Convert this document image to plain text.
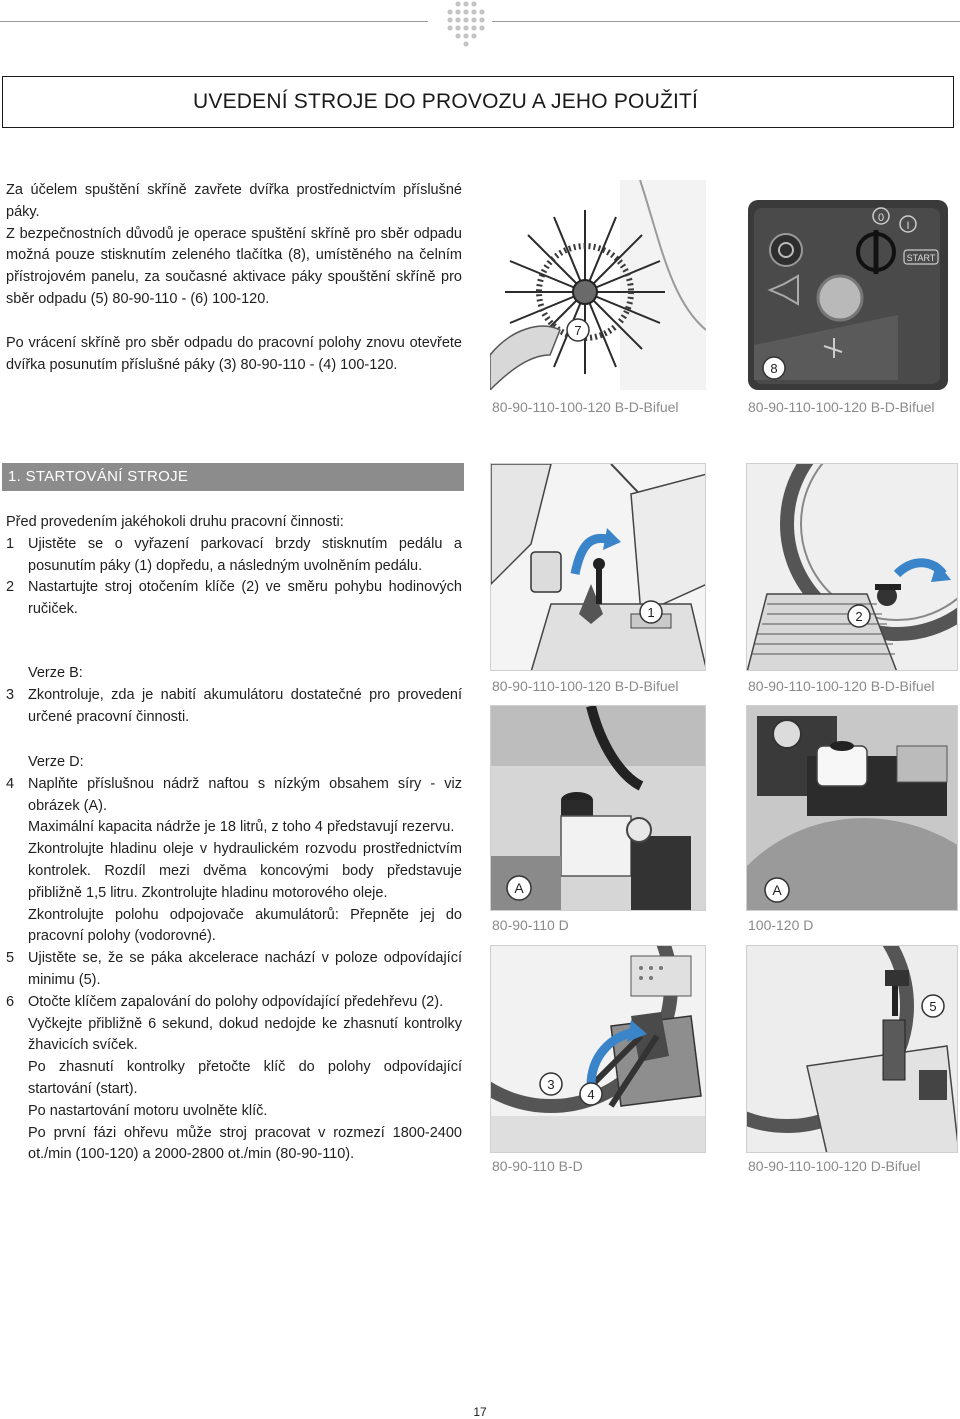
UVEDENÍ STROJE DO PROVOZU A JEHO POUŽITÍ

Za účelem spuštění skříně zavřete dvířka prostřednictvím příslušné páky.

Z bezpečnostních důvodů je operace spuštění skříně pro sběr odpadu možná pouze stisknutím zeleného tlačítka (8), umístěného na čelním přístrojovém panelu, za současné aktivace páky spouštění skříně pro sběr odpadu (5) 80-90-110 - (6) 100-120.

Po vrácení skříně pro sběr odpadu do pracovní polohy znovu otevřete dvířka posunutím příslušné páky (3) 80-90-110 - (4) 100-120.

7
80-90-110-100-120 B-D-Bifuel
0
I
START
8
80-90-110-100-120 B-D-Bifuel
1. STARTOVÁNÍ STROJE

Před provedením jakéhokoli druhu pracovní činnosti:

1 Ujistěte se o vyřazení parkovací brzdy stisknutím pedálu a posunutím páky (1) dopředu, a následným uvolněním pedálu.
2 Nastartujte stroj otočením klíče (2) ve směru pohybu hodinových ručiček.

Verze B:

3 Zkontroluje, zda je nabití akumulátoru dostatečné pro provedení určené pracovní činnosti.

Verze D:

4 Naplňte příslušnou nádrž naftou s nízkým obsahem síry - viz obrázek (A).

Maximální kapacita nádrže je 18 litrů, z toho 4 představují rezervu.

Zkontrolujte hladinu oleje v hydraulickém rozvodu prostřednictvím kontrolek. Rozdíl mezi dvěma koncovými body představuje přibližně 1,5 litru. Zkontrolujte hladinu motorového oleje.

Zkontrolujte polohu odpojovače akumulátorů: Přepněte jej do pracovní polohy (vodorovné).

5 Ujistěte se, že se páka akcelerace nachází v poloze odpovídající minimu (5).
6 Otočte klíčem zapalování do polohy odpovídající předehřevu (2).

Vyčkejte přibližně 6 sekund, dokud nedojde ke zhasnutí kontrolky žhavicích svíček.

Po zhasnutí kontrolky přetočte klíč do polohy odpovídající startování (start).

Po nastartování motoru uvolněte klíč.

Po první fázi ohřevu může stroj pracovat v rozmezí 1800-2400 ot./min (100-120) a 2000-2800 ot./min (80-90-110).

1
80-90-110-100-120 B-D-Bifuel
2
80-90-110-100-120 B-D-Bifuel
A
80-90-110 D
A
100-120 D
3
4
80-90-110 B-D
5
80-90-110-100-120 D-Bifuel
17
